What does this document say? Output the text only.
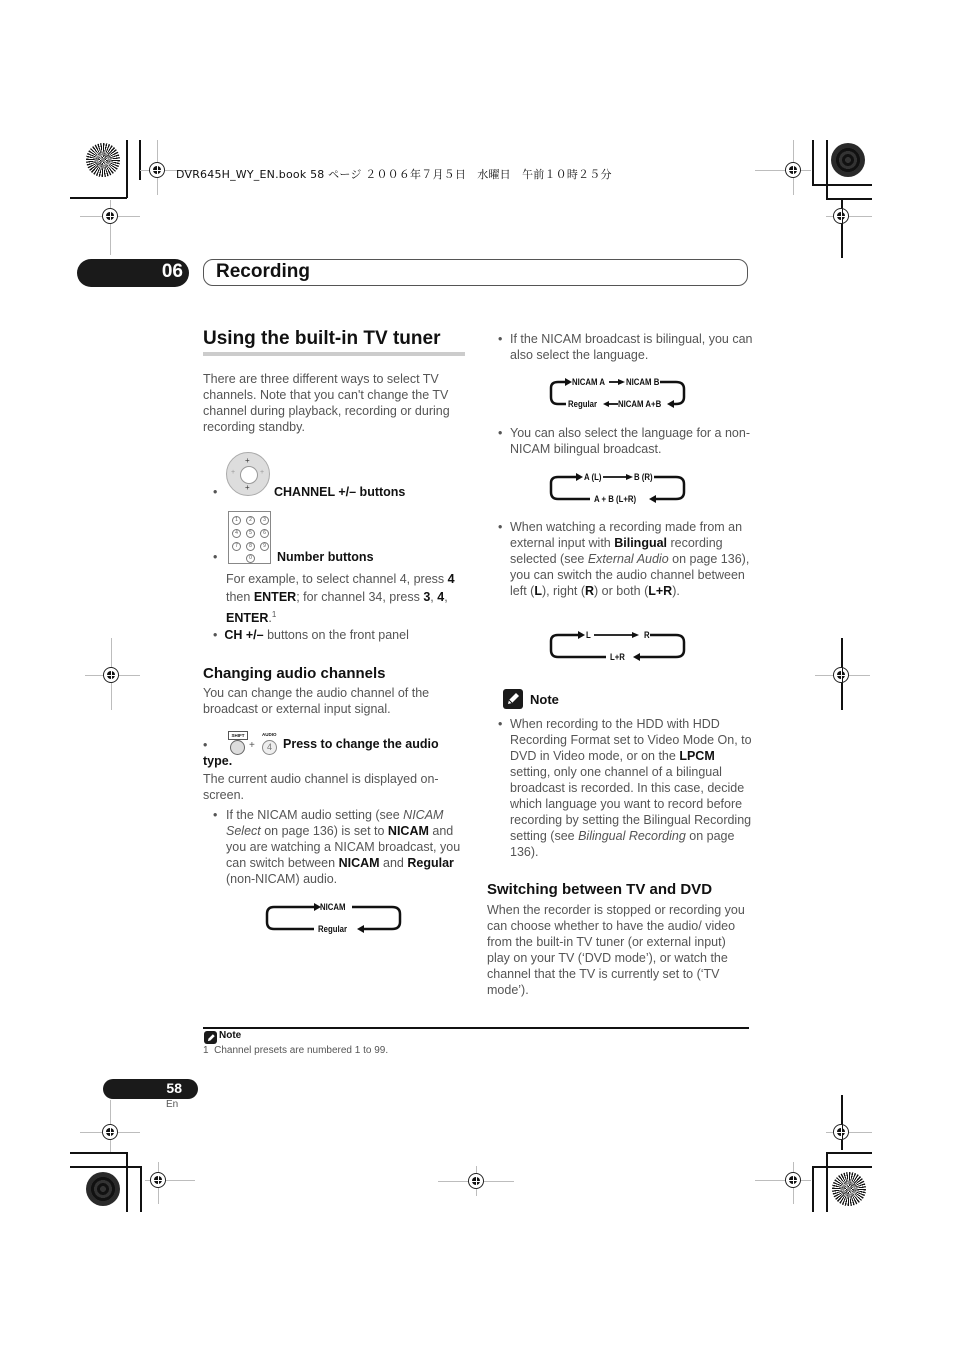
DVR645H_WY_EN.book 58 ページ ２００６年７月５日　水曜日　午前１０時２５分
06 Recording
Using the built-in TV tuner
There are three different ways to select TV channels. Note that you can't change the TV channel during playback, recording or during recording standby.
•
+
+
+	+
CHANNEL +/– buttons
•
1	2	3
4	5	6
7	8	9
0 Number buttons
For example, to select channel 4, press 4 then ENTER; for channel 34, press 3, 4,
ENTER.$^1$
• CH +/– buttons on the front panel
Changing audio channels
You can change the audio channel of the broadcast or external input signal.
•
SHIFT
+
AUDIO
4 Press to change the audio
type.
The current audio channel is displayed on-screen.
• If the NICAM audio setting (see NICAM Select on page 136) is set to NICAM and you are watching a NICAM broadcast, you can switch between NICAM and Regular (non-NICAM) audio.
NICAM
Regular
• If the NICAM broadcast is bilingual, you can also select the language.
NICAM A NICAM B
Regular NICAM A+B
• You can also select the language for a non-NICAM bilingual broadcast.
A (L)	B (R)
A + B (L+R)
• When watching a recording made from an external input with Bilingual recording selected (see External Audio on page 136), you can switch the audio channel between left (L), right (R) or both (L+R).
L	R
L+R
Note
• When recording to the HDD with HDD Recording Format set to Video Mode On, to DVD in Video mode, or on the LPCM setting, only one channel of a bilingual broadcast is recorded. In this case, decide which language you want to record before recording by setting the Bilingual Recording setting (see Bilingual Recording on page 136).
Switching between TV and DVD
When the recorder is stopped or recording you can choose whether to have the audio/ video from the built-in TV tuner (or external input) play on your TV (‘DVD mode’), or watch the channel that the TV is currently set to (‘TV mode’).
Note
1 Channel presets are numbered 1 to 99.
58
En
